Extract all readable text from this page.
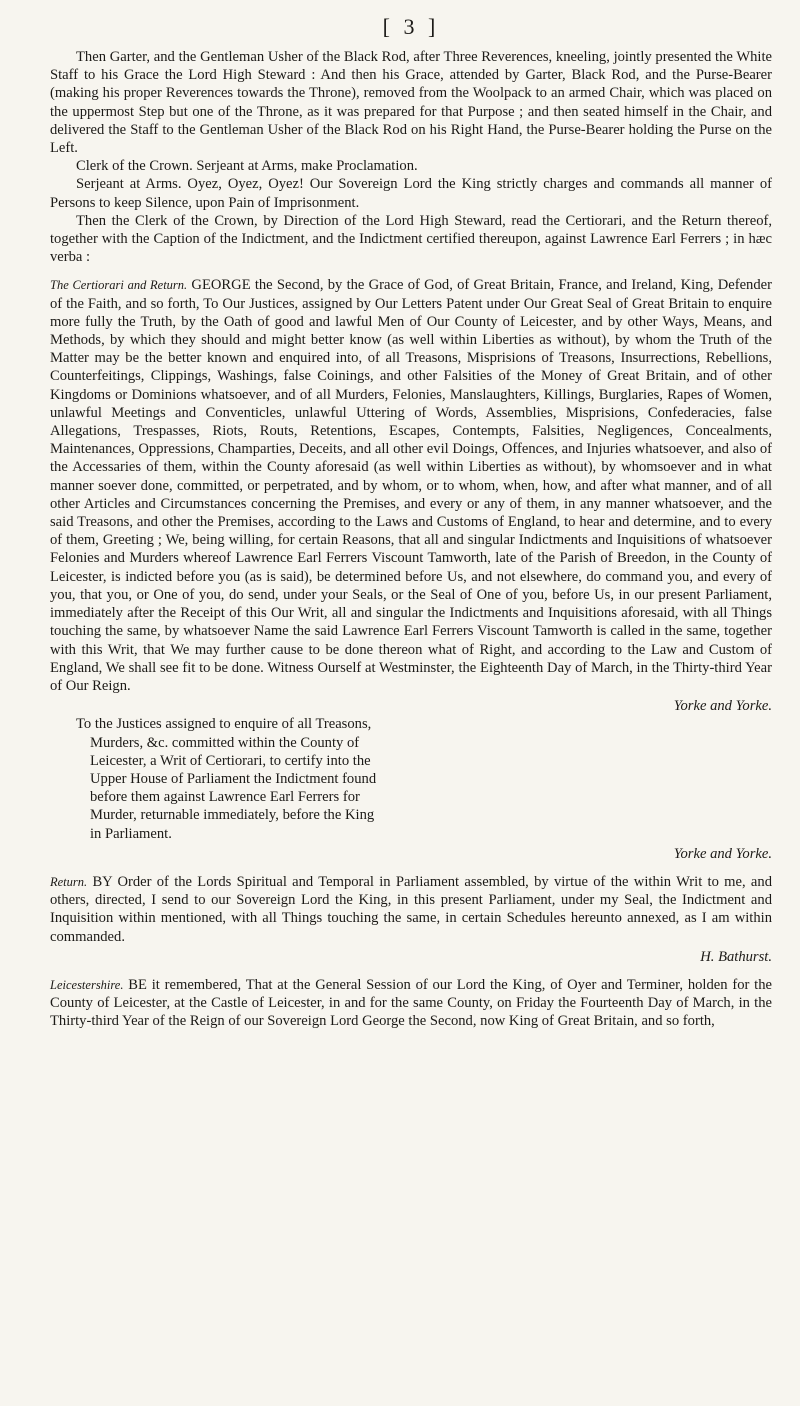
[ 3 ]

Then Garter, and the Gentleman Usher of the Black Rod, after Three Reverences, kneeling, jointly presented the White Staff to his Grace the Lord High Steward : And then his Grace, attended by Garter, Black Rod, and the Purse-Bearer (making his proper Reverences towards the Throne), removed from the Woolpack to an armed Chair, which was placed on the uppermost Step but one of the Throne, as it was prepared for that Purpose ; and then seated himself in the Chair, and delivered the Staff to the Gentleman Usher of the Black Rod on his Right Hand, the Purse-Bearer holding the Purse on the Left.

Clerk of the Crown. Serjeant at Arms, make Proclamation.

Serjeant at Arms. Oyez, Oyez, Oyez! Our Sovereign Lord the King strictly charges and commands all manner of Persons to keep Silence, upon Pain of Imprisonment.

Then the Clerk of the Crown, by Direction of the Lord High Steward, read the Certiorari, and the Return thereof, together with the Caption of the Indictment, and the Indictment certified thereupon, against Lawrence Earl Ferrers ; in hæc verba :

The Certiorari and Return. GEORGE the Second, by the Grace of God, of Great Britain, France, and Ireland, King, Defender of the Faith, and so forth, To Our Justices, assigned by Our Letters Patent under Our Great Seal of Great Britain to enquire more fully the Truth, by the Oath of good and lawful Men of Our County of Leicester, and by other Ways, Means, and Methods, by which they should and might better know (as well within Liberties as without), by whom the Truth of the Matter may be the better known and enquired into, of all Treasons, Misprisions of Treasons, Insurrections, Rebellions, Counterfeitings, Clippings, Washings, false Coinings, and other Falsities of the Money of Great Britain, and of other Kingdoms or Dominions whatsoever, and of all Murders, Felonies, Manslaughters, Killings, Burglaries, Rapes of Women, unlawful Meetings and Conventicles, unlawful Uttering of Words, Assemblies, Misprisions, Confederacies, false Allegations, Trespasses, Riots, Routs, Retentions, Escapes, Contempts, Falsities, Negligences, Concealments, Maintenances, Oppressions, Champarties, Deceits, and all other evil Doings, Offences, and Injuries whatsoever, and also of the Accessaries of them, within the County aforesaid (as well within Liberties as without), by whomsoever and in what manner soever done, committed, or perpetrated, and by whom, or to whom, when, how, and after what manner, and of all other Articles and Circumstances concerning the Premises, and every or any of them, in any manner whatsoever, and the said Treasons, and other the Premises, according to the Laws and Customs of England, to hear and determine, and to every of them, Greeting ; We, being willing, for certain Reasons, that all and singular Indictments and Inquisitions of whatsoever Felonies and Murders whereof Lawrence Earl Ferrers Viscount Tamworth, late of the Parish of Breedon, in the County of Leicester, is indicted before you (as is said), be determined before Us, and not elsewhere, do command you, and every of you, that you, or One of you, do send, under your Seals, or the Seal of One of you, before Us, in our present Parliament, immediately after the Receipt of this Our Writ, all and singular the Indictments and Inquisitions aforesaid, with all Things touching the same, by whatsoever Name the said Lawrence Earl Ferrers Viscount Tamworth is called in the same, together with this Writ, that We may further cause to be done thereon what of Right, and according to the Law and Custom of England, We shall see fit to be done. Witness Ourself at Westminster, the Eighteenth Day of March, in the Thirty-third Year of Our Reign.

Yorke and Yorke.

To the Justices assigned to enquire of all Treasons,
Murders, &c. committed within the County of
Leicester, a Writ of Certiorari, to certify into the
Upper House of Parliament the Indictment found
before them against Lawrence Earl Ferrers for
Murder, returnable immediately, before the King
in Parliament.

Yorke and Yorke.

Return. BY Order of the Lords Spiritual and Temporal in Parliament assembled, by virtue of the within Writ to me, and others, directed, I send to our Sovereign Lord the King, in this present Parliament, under my Seal, the Indictment and Inquisition within mentioned, with all Things touching the same, in certain Schedules hereunto annexed, as I am within commanded.

H. Bathurst.

Leicestershire. BE it remembered, That at the General Session of our Lord the King, of Oyer and Terminer, holden for the County of Leicester, at the Castle of Leicester, in and for the same County, on Friday the Fourteenth Day of March, in the Thirty-third Year of the Reign of our Sovereign Lord George the Second, now King of Great Britain, and so forth,
